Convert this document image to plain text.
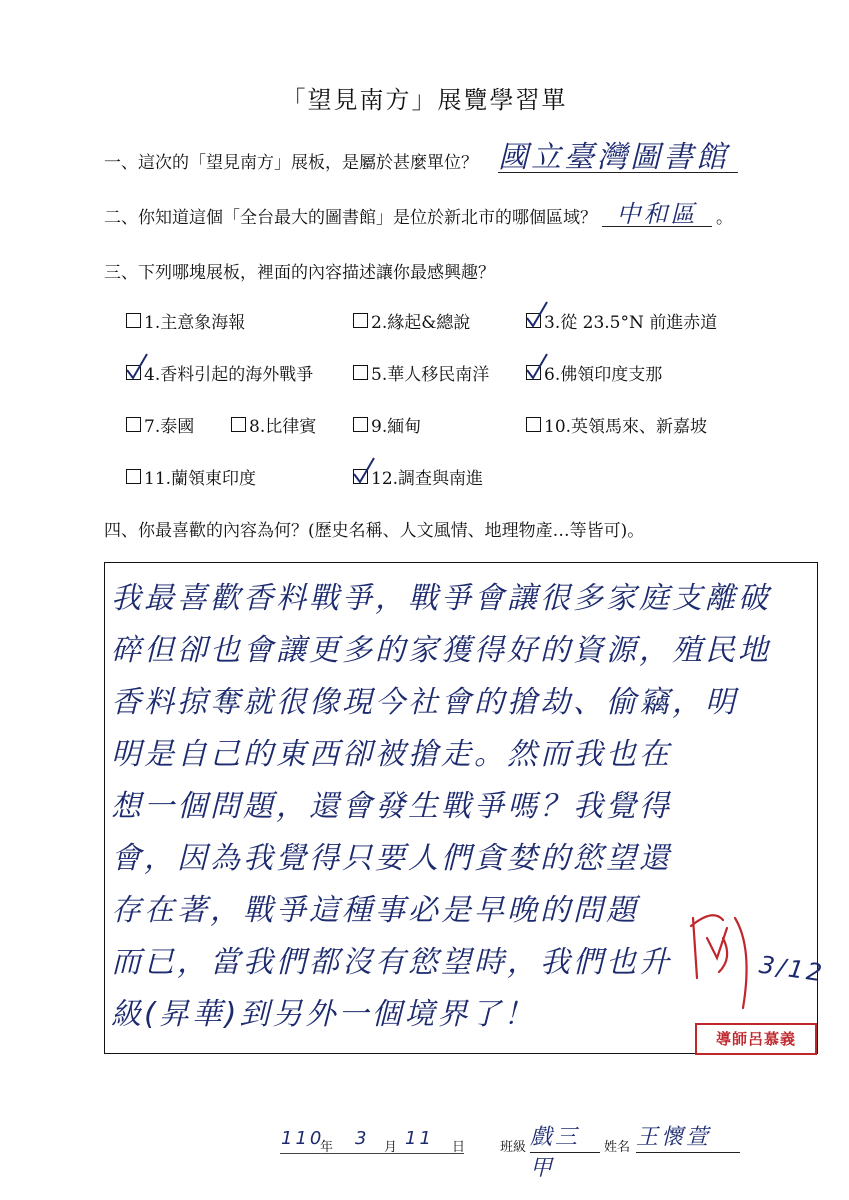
「望見南方」展覽學習單
一、這次的「望見南方」展板，是屬於甚麼單位？ 國立臺灣圖書館
二、你知道這個「全台最大的圖書館」是位於新北市的哪個區域？ 中和區	。
三、下列哪塊展板，裡面的內容描述讓你最感興趣？
1.主意象海報	2.緣起&總說	3.從 23.5°N 前進赤道
4.香料引起的海外戰爭	5.華人移民南洋	6.佛領印度支那
7.泰國	8.比律賓	9.緬甸	10.英領馬來、新嘉坡
11.蘭領東印度	12.調查與南進
四、你最喜歡的內容為何？(歷史名稱、人文風情、地理物產…等皆可)。
我最喜歡香料戰爭，戰爭會讓很多家庭支離破
碎但卻也會讓更多的家獲得好的資源，殖民地
香料掠奪就很像現今社會的搶劫、偷竊，明
明是自己的東西卻被搶走。然而我也在
想一個問題，還會發生戰爭嗎？我覺得
會，因為我覺得只要人們貪婪的慾望還
存在著，戰爭這種事必是早晚的問題
而已，當我們都沒有慾望時，我們也升
級(昇華)到另外一個境界了！
3/12
導師呂慕義
110
年 3 月 11 日	班級 戲三甲
姓名 王懷萱
